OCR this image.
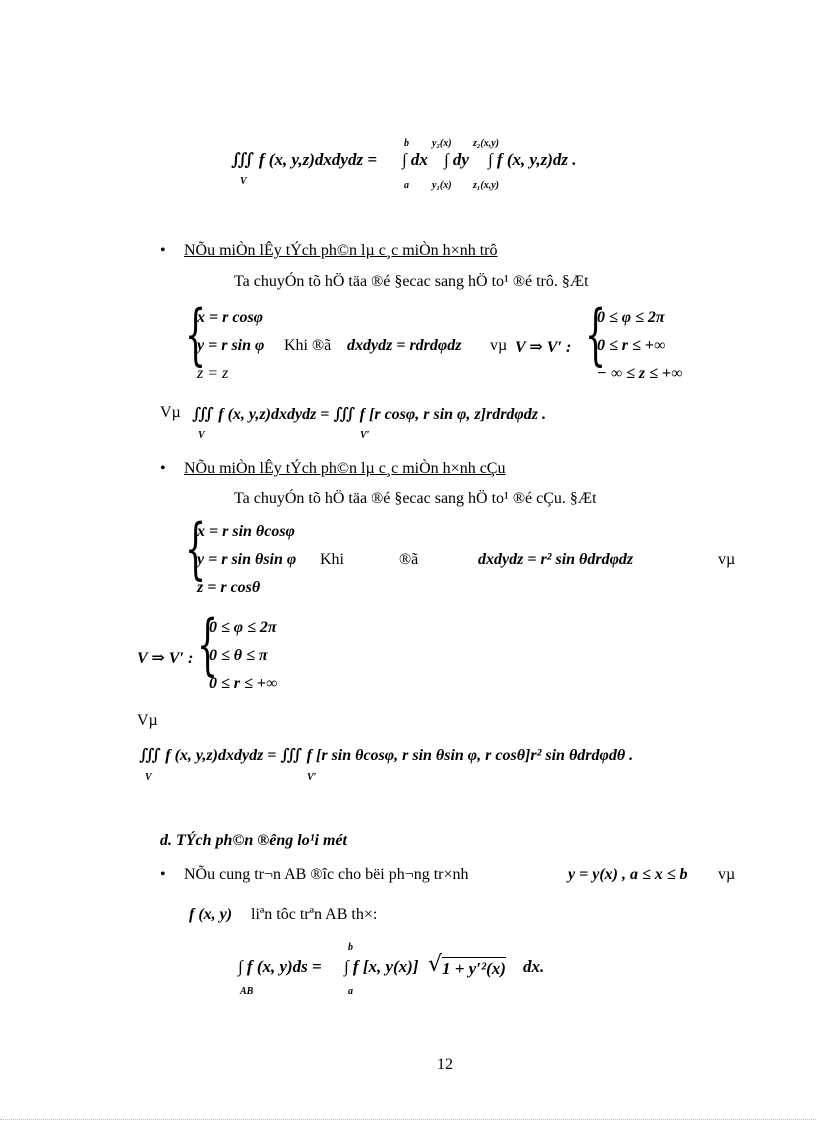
∭ f (x, y,z)dxdydz =
V
∫ dx
b
a
∫ dy
y₂(x)
y₁(x)
∫ f (x, y,z)dz .
z₂(x,y)
z₁(x,y)
• NÕu miÒn lÊy tÝch ph©n lµ c¸c miÒn h×nh trô
Ta chuyÓn tõ hÖ täa ®é §ecac sang hÖ to¹ ®é trô. §Æt
{
x = r cosφ
y = r sin φ Khi ®ã dxdydz = rdrdφdz vµ V ⇒ V′ :
z = z
{
0 ≤ φ ≤ 2π
0 ≤ r ≤ +∞
− ∞ ≤ z ≤ +∞
Vµ ∭ f (x, y,z)dxdydz = ∭ f [r cosφ, r sin φ, z]rdrdφdz .
V	V′
• NÕu miÒn lÊy tÝch ph©n lµ c¸c miÒn h×nh cÇu
Ta chuyÓn tõ hÖ täa ®é §ecac sang hÖ to¹ ®é cÇu. §Æt
{
x = r sin θcosφ
y = r sin θsin φ Khi	®ã	dxdydz = r² sin θdrdφdz	vµ
z = r cosθ
V ⇒ V′ : {
0 ≤ φ ≤ 2π
0 ≤ θ ≤ π
0 ≤ r ≤ +∞
Vµ
∭ f (x, y,z)dxdydz = ∭ f [r sin θcosφ, r sin θsin φ, r cosθ]r² sin θdrdφdθ .
V	V′
d. TÝch ph©n ®êng lo¹i mét
• NÕu cung tr¬n AB ®îc cho bëi ph¬ng tr×nh	y = y(x) , a ≤ x ≤ b vµ
f (x, y) liªn tôc trªn AB th×:
∫ f (x, y)ds =
AB
∫ f [x, y(x)]
b
a
√ 1 + y′²(x) dx.
12
